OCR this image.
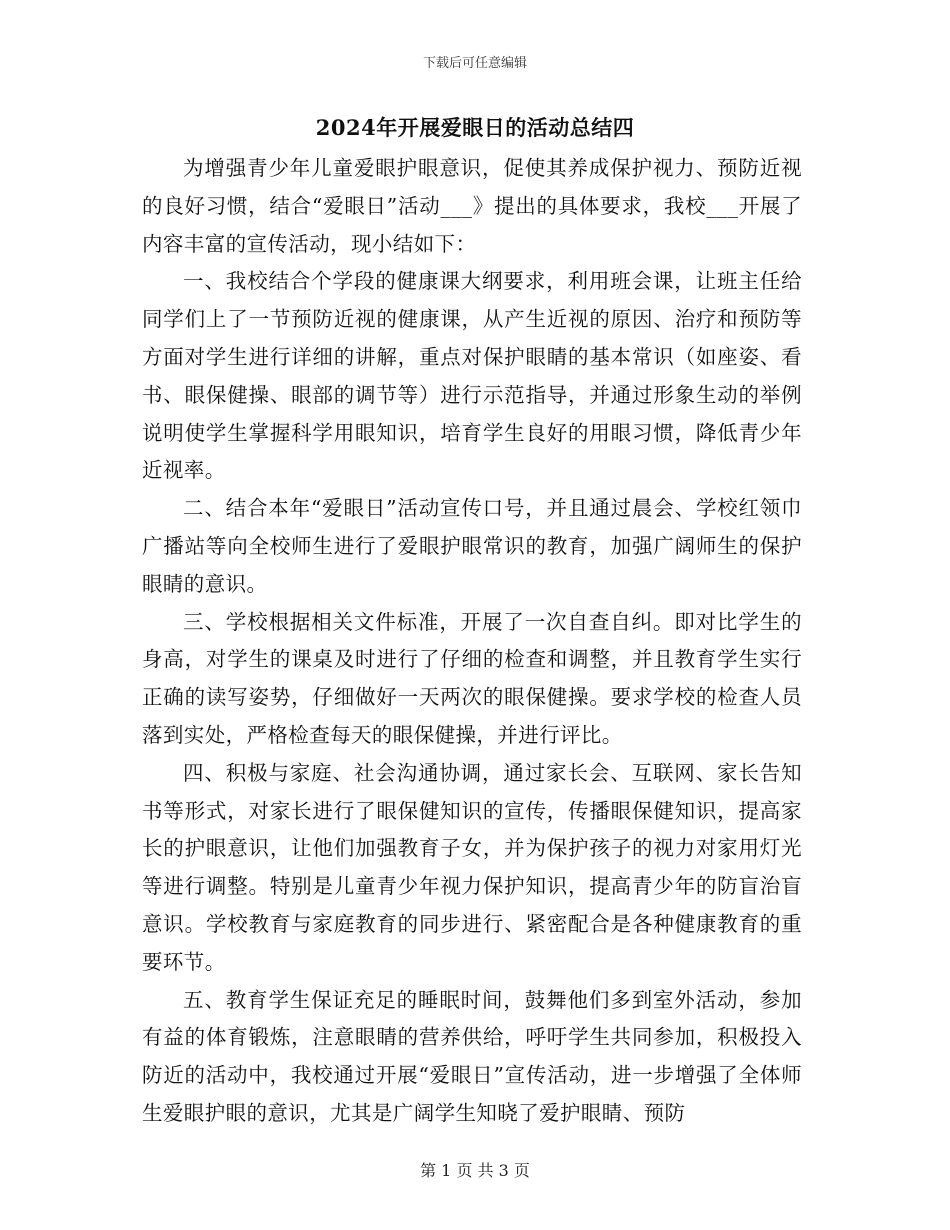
下载后可任意编辑
2024年开展爱眼日的活动总结四

为增强青少年儿童爱眼护眼意识，促使其养成保护视力、预防近视的良好习惯，结合“爱眼日”活动___》提出的具体要求，我校___开展了内容丰富的宣传活动，现小结如下：

一、我校结合个学段的健康课大纲要求，利用班会课，让班主任给同学们上了一节预防近视的健康课，从产生近视的原因、治疗和预防等方面对学生进行详细的讲解，重点对保护眼睛的基本常识（如座姿、看书、眼保健操、眼部的调节等）进行示范指导，并通过形象生动的举例说明使学生掌握科学用眼知识，培育学生良好的用眼习惯，降低青少年近视率。

二、结合本年“爱眼日”活动宣传口号，并且通过晨会、学校红领巾广播站等向全校师生进行了爱眼护眼常识的教育，加强广阔师生的保护眼睛的意识。

三、学校根据相关文件标准，开展了一次自查自纠。即对比学生的身高，对学生的课桌及时进行了仔细的检查和调整，并且教育学生实行正确的读写姿势，仔细做好一天两次的眼保健操。要求学校的检查人员落到实处，严格检查每天的眼保健操，并进行评比。

四、积极与家庭、社会沟通协调，通过家长会、互联网、家长告知书等形式，对家长进行了眼保健知识的宣传，传播眼保健知识，提高家长的护眼意识，让他们加强教育子女，并为保护孩子的视力对家用灯光等进行调整。特别是儿童青少年视力保护知识，提高青少年的防盲治盲意识。学校教育与家庭教育的同步进行、紧密配合是各种健康教育的重要环节。

五、教育学生保证充足的睡眠时间，鼓舞他们多到室外活动，参加有益的体育锻炼，注意眼睛的营养供给，呼吁学生共同参加，积极投入防近的活动中，我校通过开展“爱眼日”宣传活动，进一步增强了全体师生爱眼护眼的意识，尤其是广阔学生知晓了爱护眼睛、预防

第 1 页 共 3 页
